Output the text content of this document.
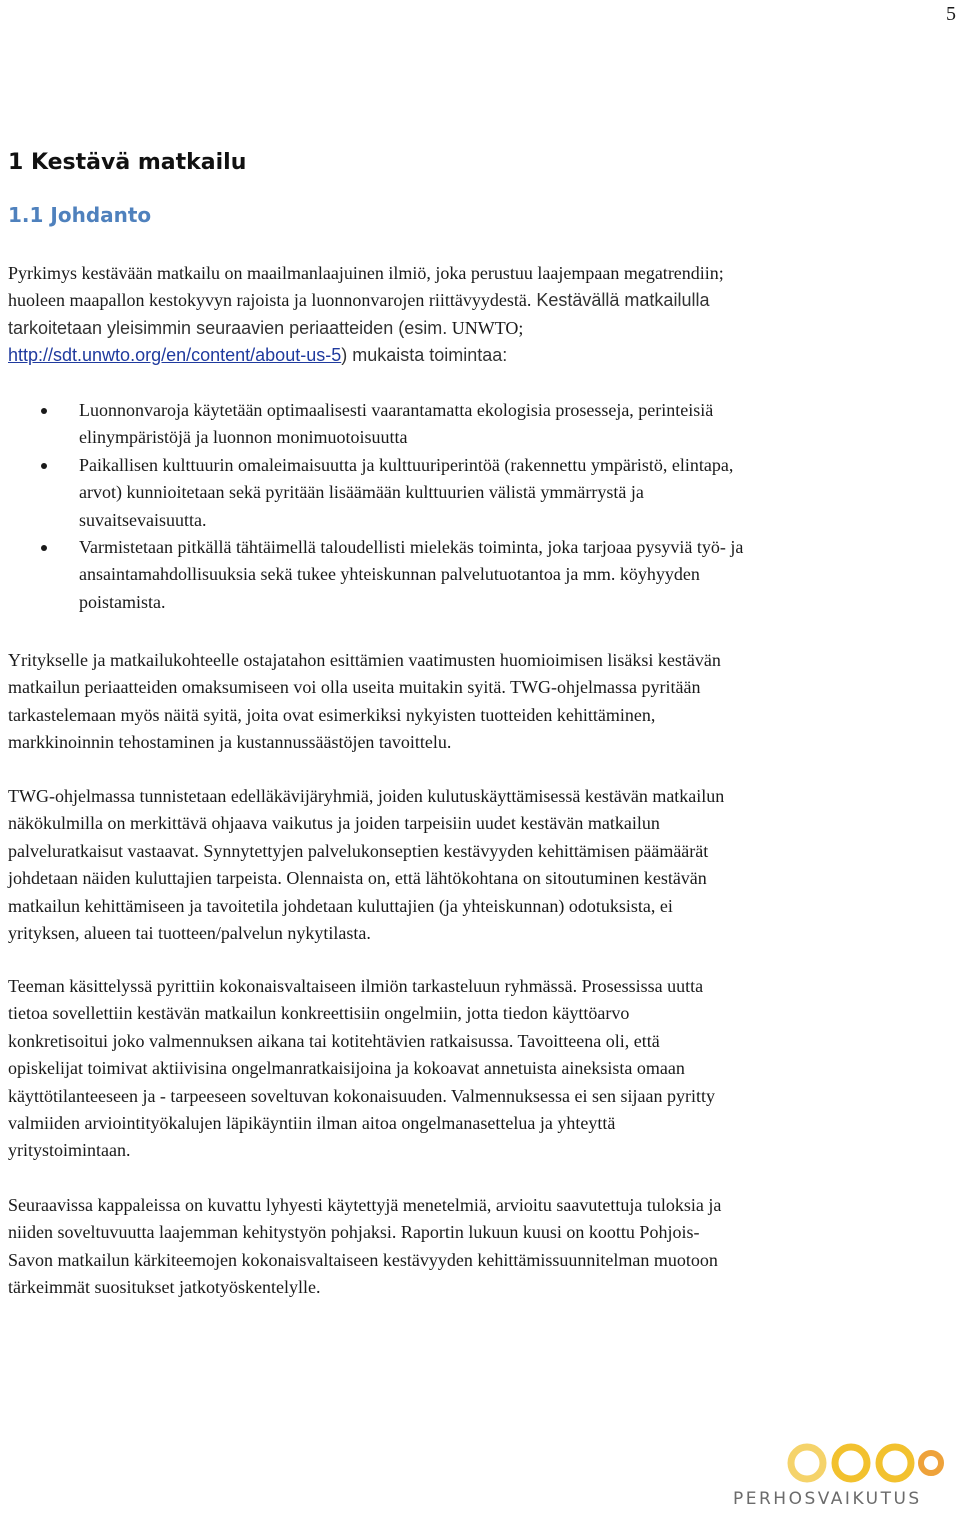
5
1 Kestävä matkailu
1.1 Johdanto
Pyrkimys kestävään matkailu on maailmanlaajuinen ilmiö, joka perustuu laajempaan megatrendiin;
huoleen maapallon kestokyvyn rajoista ja luonnonvarojen riittävyydestä. Kestävällä matkailulla
tarkoitetaan yleisimmin seuraavien periaatteiden (esim. UNWTO;
http://sdt.unwto.org/en/content/about-us-5) mukaista toimintaa:
Luonnonvaroja käytetään optimaalisesti vaarantamatta ekologisia prosesseja, perinteisiä
elinympäristöjä ja luonnon monimuotoisuutta
Paikallisen kulttuurin omaleimaisuutta ja kulttuuriperintöä (rakennettu ympäristö, elintapa,
arvot) kunnioitetaan sekä pyritään lisäämään kulttuurien välistä ymmärrystä ja
suvaitsevaisuutta.
Varmistetaan pitkällä tähtäimellä taloudellisti mielekäs toiminta, joka tarjoaa pysyviä työ- ja
ansaintamahdollisuuksia sekä tukee yhteiskunnan palvelutuotantoa ja mm. köyhyyden
poistamista.
Yritykselle ja matkailukohteelle ostajatahon esittämien vaatimusten huomioimisen lisäksi kestävän
matkailun periaatteiden omaksumiseen voi olla useita muitakin syitä. TWG-ohjelmassa pyritään
tarkastelemaan myös näitä syitä, joita ovat esimerkiksi nykyisten tuotteiden kehittäminen,
markkinoinnin tehostaminen ja kustannussäästöjen tavoittelu.
TWG-ohjelmassa tunnistetaan edelläkävijäryhmiä, joiden kulutuskäyttämisessä kestävän matkailun
näkökulmilla on merkittävä ohjaava vaikutus ja joiden tarpeisiin uudet kestävän matkailun
palveluratkaisut vastaavat. Synnytettyjen palvelukonseptien kestävyyden kehittämisen päämäärät
johdetaan näiden kuluttajien tarpeista. Olennaista on, että lähtökohtana on sitoutuminen kestävän
matkailun kehittämiseen ja tavoitetila johdetaan kuluttajien (ja yhteiskunnan) odotuksista, ei
yrityksen, alueen tai tuotteen/palvelun nykytilasta.
Teeman käsittelyssä pyrittiin kokonaisvaltaiseen ilmiön tarkasteluun ryhmässä. Prosessissa uutta
tietoa sovellettiin kestävän matkailun konkreettisiin ongelmiin, jotta tiedon käyttöarvo
konkretisoitui joko valmennuksen aikana tai kotitehtävien ratkaisussa. Tavoitteena oli, että
opiskelijat toimivat aktiivisina ongelmanratkaisijoina ja kokoavat annetuista aineksista omaan
käyttötilanteeseen ja - tarpeeseen soveltuvan kokonaisuuden. Valmennuksessa ei sen sijaan pyritty
valmiiden arviointityökalujen läpikäyntiin ilman aitoa ongelmanasettelua ja yhteyttä
yritystoimintaan.
Seuraavissa kappaleissa on kuvattu lyhyesti käytettyjä menetelmiä, arvioitu saavutettuja tuloksia ja
niiden soveltuvuutta laajemman kehitystyön pohjaksi. Raportin lukuun kuusi on koottu Pohjois-
Savon matkailun kärkiteemojen kokonaisvaltaiseen kestävyyden kehittämissuunnitelman muotoon
tärkeimmät suositukset jatkotyöskentelylle.
PERHOSVAIKUTUS
